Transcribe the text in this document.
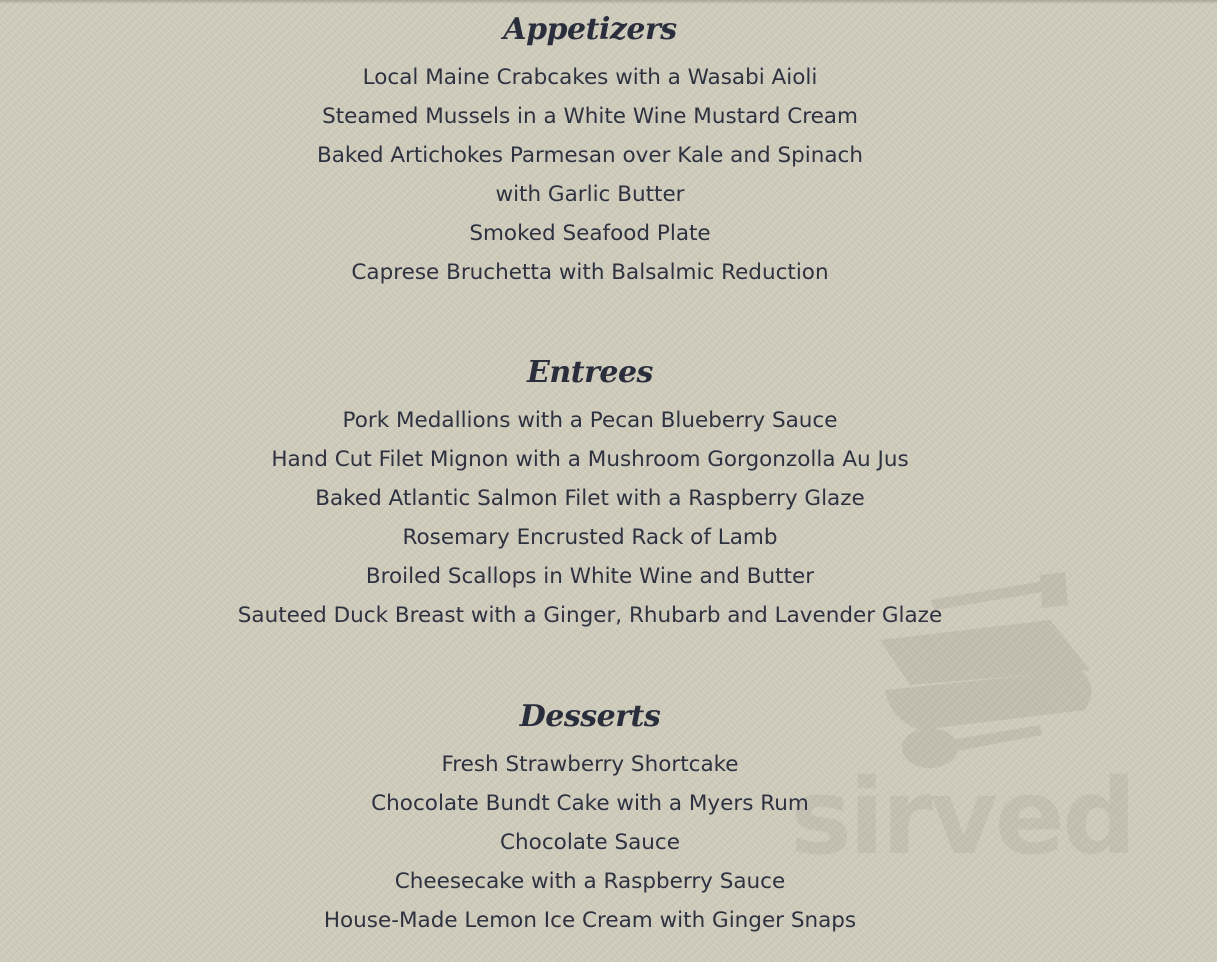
sirved
Appetizers
Local Maine Crabcakes with a Wasabi Aioli
Steamed Mussels in a White Wine Mustard Cream
Baked Artichokes Parmesan over Kale and Spinach
with Garlic Butter
Smoked Seafood Plate
Caprese Bruchetta with Balsalmic Reduction
Entrees
Pork Medallions with a Pecan Blueberry Sauce
Hand Cut Filet Mignon with a Mushroom Gorgonzolla Au Jus
Baked Atlantic Salmon Filet with a Raspberry Glaze
Rosemary Encrusted Rack of Lamb
Broiled Scallops in White Wine and Butter
Sauteed Duck Breast with a Ginger, Rhubarb and Lavender Glaze
Desserts
Fresh Strawberry Shortcake
Chocolate Bundt Cake with a Myers Rum
Chocolate Sauce
Cheesecake with a Raspberry Sauce
House-Made Lemon Ice Cream with Ginger Snaps
